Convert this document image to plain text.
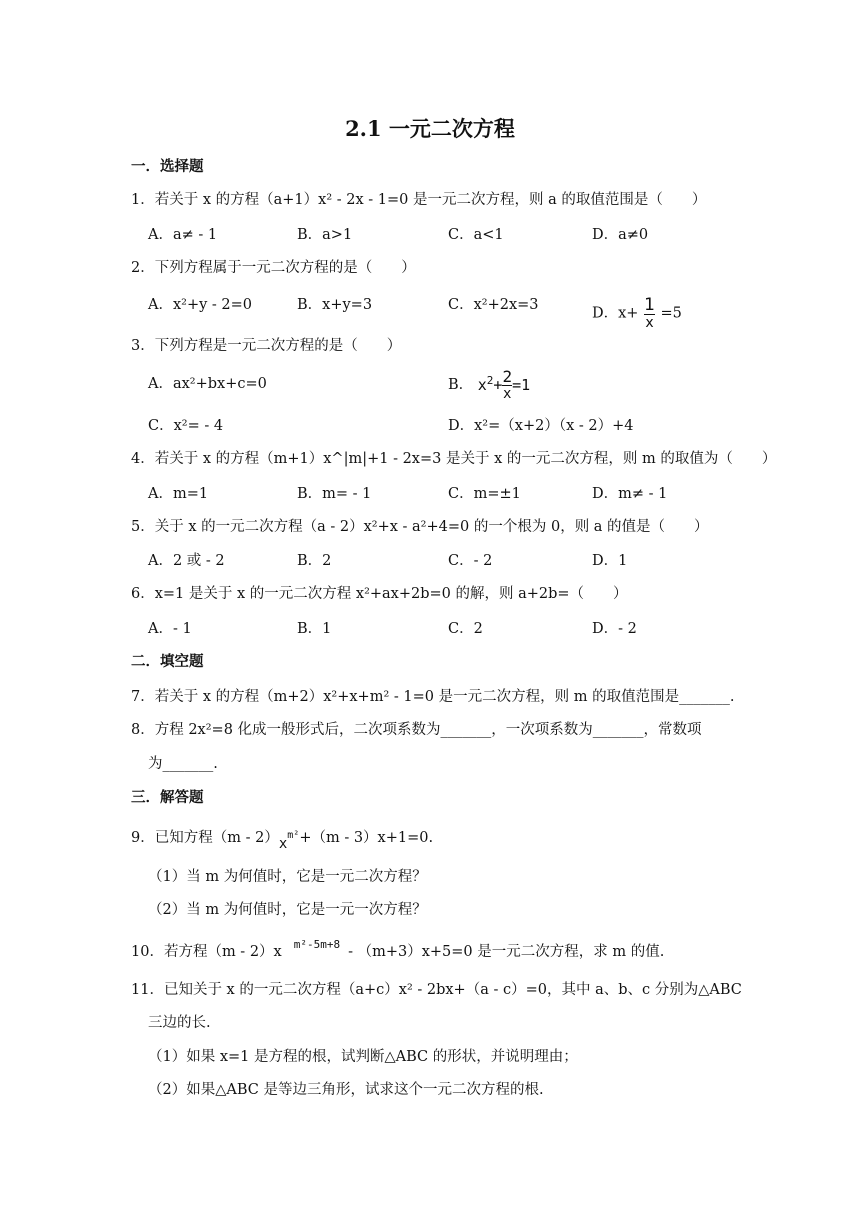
2.1 一元二次方程
一．选择题
1．若关于 x 的方程（a+1）x² - 2x - 1=0 是一元二次方程，则 a 的取值范围是（　　）
A．a≠ - 1	B．a>1	C．a<1	D．a≠0
2．下列方程属于一元二次方程的是（　　）
A．x²+y - 2=0	B．x+y=3	C．x²+2x=3
D．x+ 1
x
=5
3．下列方程是一元二次方程的是（　　）
A．ax²+bx+c=0	B． $x^2+ \frac{2}{x} =1$
C．x²= - 4	D．x²=（x+2）（x - 2）+4
4．若关于 x 的方程（m+1）x^|m|+1 - 2x=3 是关于 x 的一元二次方程，则 m 的取值为（　　）
A．m=1	B．m= - 1	C．m=±1	D．m≠ - 1
5．关于 x 的一元二次方程（a - 2）x²+x - a²+4=0 的一个根为 0，则 a 的值是（　　）
A．2 或 - 2	B．2	C．- 2	D．1
6．x=1 是关于 x 的一元二次方程 x²+ax+2b=0 的解，则 a+2b=（　　）
A．- 1	B．1	C．2	D．- 2
二．填空题
7．若关于 x 的方程（m+2）x²+x+m² - 1=0 是一元二次方程，则 m 的取值范围是_______.
8．方程 2x²=8 化成一般形式后，二次项系数为_______，一次项系数为_______，常数项
为_______.
三．解答题
9．已知方程$(m - 2)x^{m^2}+(m - 3)x+1=0$.
（1）当 m 为何值时，它是一元二次方程？
（2）当 m 为何值时，它是一元一次方程？
10．若方程（m - 2）x $^{m^2-5m+8}$ - （m+3）x+5=0 是一元二次方程，求 m 的值.
11．已知关于 x 的一元二次方程（a+c）x² - 2bx+（a - c）=0，其中 a、b、c 分别为△ABC
三边的长.
（1）如果 x=1 是方程的根，试判断△ABC 的形状，并说明理由；
（2）如果△ABC 是等边三角形，试求这个一元二次方程的根.
